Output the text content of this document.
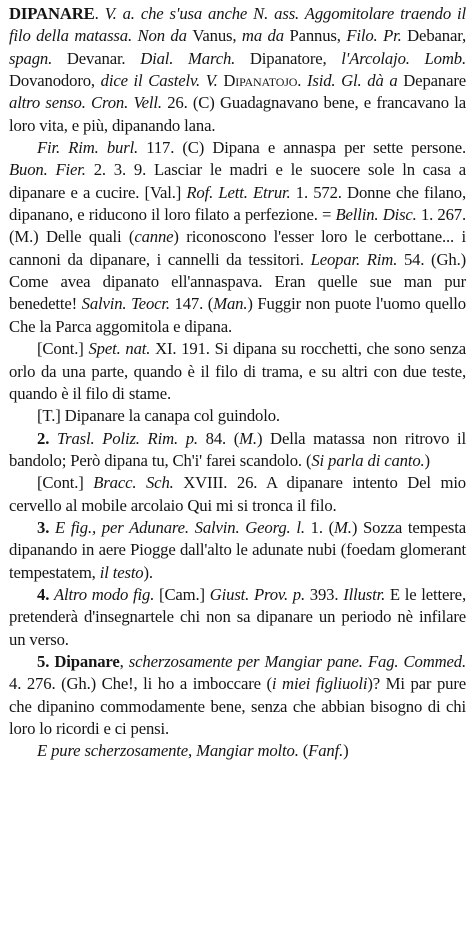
DIPANARE. V. a. che s'usa anche N. ass. Aggomitolare traendo il filo della matassa. Non da Vanus, ma da Pannus, Filo. Pr. Debanar, spagn. Devanar. Dial. March. Dipanatore, l'Arcolajo. Lomb. Dovanodoro, dice il Castelv. V. Dipanatojo. Isid. Gl. dà a Depanare altro senso. Cron. Vell. 26. (C) Guadagnavano bene, e francavano la loro vita, e più, dipanando lana.

Fir. Rim. burl. 117. (C) Dipana e annaspa per sette persone. Buon. Fier. 2. 3. 9. Lasciar le madri e le suocere sole ln casa a dipanare e a cucire. [Val.] Rof. Lett. Etrur. 1. 572. Donne che filano, dipanano, e riducono il loro filato a perfezione. = Bellin. Disc. 1. 267. (M.) Delle quali (canne) riconoscono l'esser loro le cerbottane... i cannoni da dipanare, i cannelli da tessitori. Leopar. Rim. 54. (Gh.) Come avea dipanato ell'annaspava. Eran quelle sue man pur benedette! Salvin. Teocr. 147. (Man.) Fuggir non puote l'uomo quello Che la Parca aggomitola e dipana.

[Cont.] Spet. nat. XI. 191. Si dipana su rocchetti, che sono senza orlo da una parte, quando è il filo di trama, e su altri con due teste, quando è il filo di stame.

[T.] Dipanare la canapa col guindolo.

2. Trasl. Poliz. Rim. p. 84. (M.) Della matassa non ritrovo il bandolo; Però dipana tu, Ch'i' farei scandolo. (Si parla di canto.)

[Cont.] Bracc. Sch. XVIII. 26. A dipanare intento Del mio cervello al mobile arcolaio Qui mi si tronca il filo.

3. E fig., per Adunare. Salvin. Georg. l. 1. (M.) Sozza tempesta dipanando in aere Piogge dall'alto le adunate nubi (foedam glomerant tempestatem, il testo).

4. Altro modo fig. [Cam.] Giust. Prov. p. 393. Illustr. E le lettere, pretenderà d'insegnartele chi non sa dipanare un periodo nè infilare un verso.

5. Dipanare, scherzosamente per Mangiar pane. Fag. Commed. 4. 276. (Gh.) Che!, li ho a imboccare (i miei figliuoli)? Mi par pure che dipanino commodamente bene, senza che abbian bisogno di chi loro lo ricordi e ci pensi.

E pure scherzosamente, Mangiar molto. (Fanf.)
